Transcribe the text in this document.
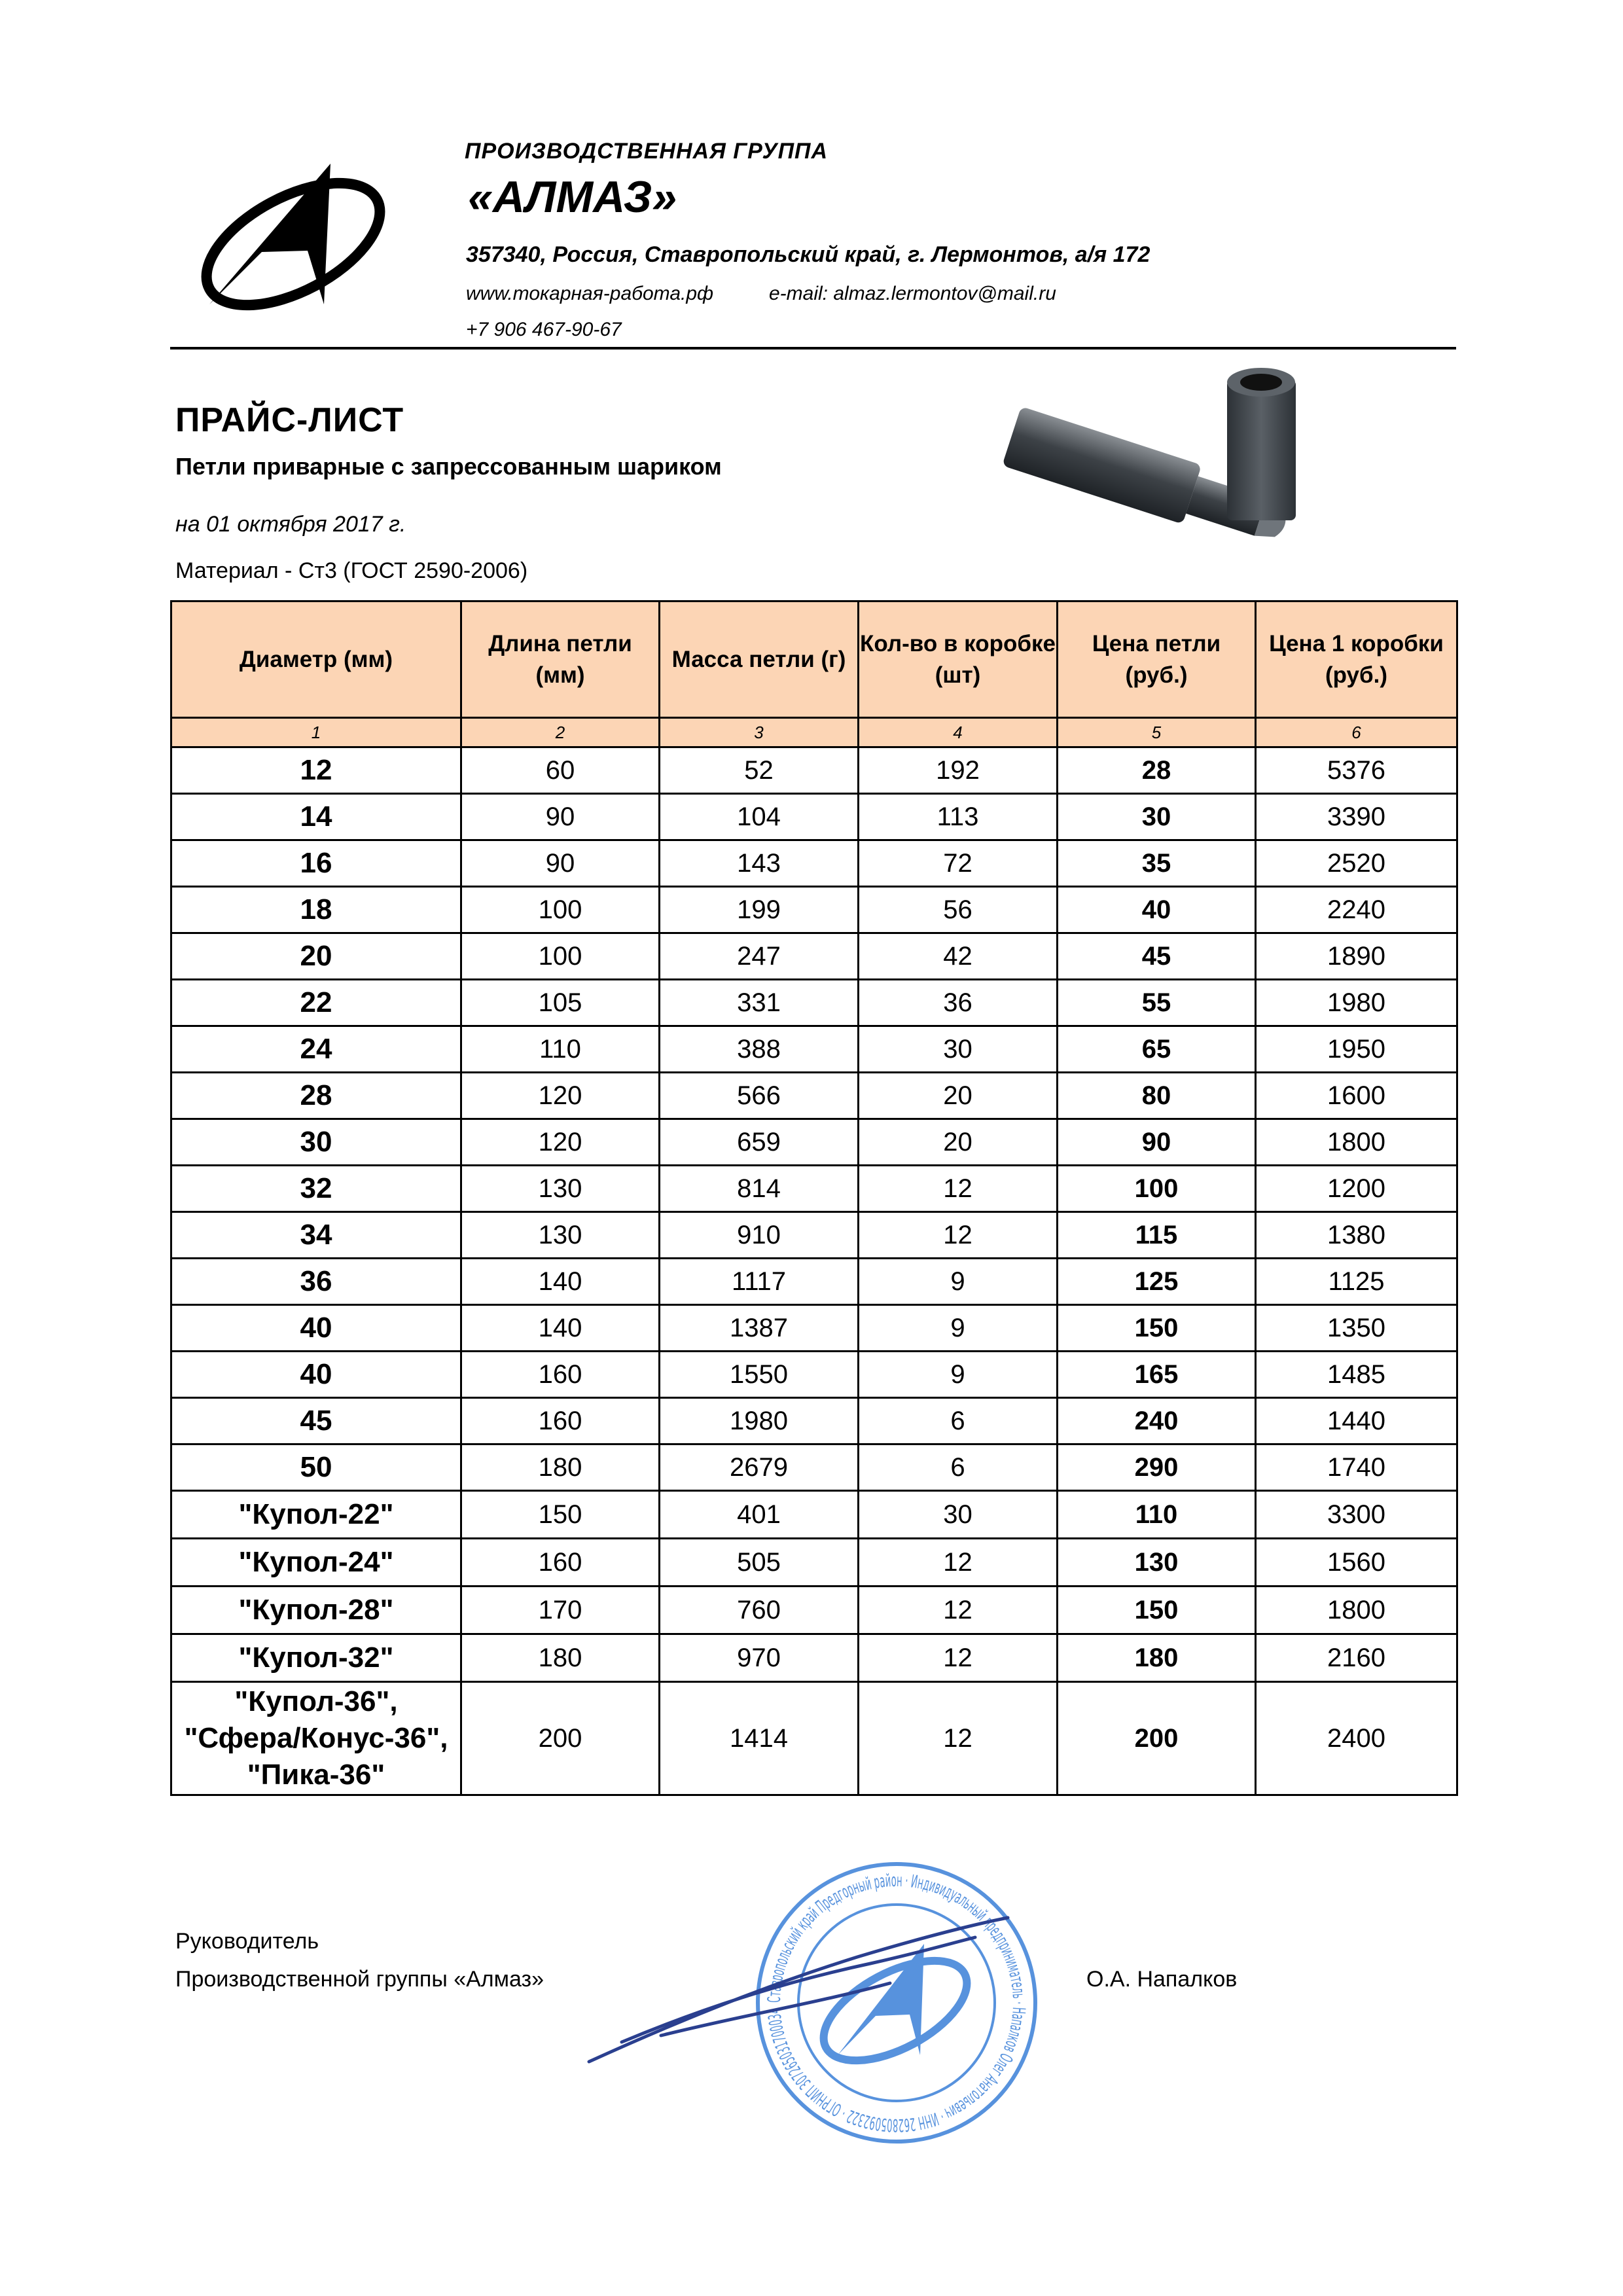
ПРОИЗВОДСТВЕННАЯ ГРУППА
«АЛМАЗ»
357340, Россия, Ставропольский край, г. Лермонтов, а/я 172
www.токарная-работа.рф	e-mail: almaz.lermontov@mail.ru
+7 906 467-90-67
ПРАЙС-ЛИСТ
Петли приварные с запрессованным шариком
на 01 октября 2017 г.
Материал - Ст3 (ГОСТ 2590-2006)
Диаметр (мм)	Длина петли (мм)	Масса петли (г)	Кол-во в коробке (шт)	Цена петли (руб.)	Цена 1 коробки (руб.)
1	2	3	4	5	6
12	60	52	192	28	5376
14	90	104	113	30	3390
16	90	143	72	35	2520
18	100	199	56	40	2240
20	100	247	42	45	1890
22	105	331	36	55	1980
24	110	388	30	65	1950
28	120	566	20	80	1600
30	120	659	20	90	1800
32	130	814	12	100	1200
34	130	910	12	115	1380
36	140	1117	9	125	1125
40	140	1387	9	150	1350
40	160	1550	9	165	1485
45	160	1980	6	240	1440
50	180	2679	6	290	1740
"Купол-22"	150	401	30	110	3300
"Купол-24"	160	505	12	130	1560
"Купол-28"	170	760	12	150	1800
"Купол-32"	180	970	12	180	2160
"Купол-36",
"Сфера/Конус-36",
"Пика-36"	200	1414	12	200	2400
Руководитель
Производственной группы «Алмаз»	О.А. Напалков
Ставропольский край Предгорный район · Индивидуальный предприниматель · Напалков Олег Анатольевич · ИНН 262805092322 · ОГРНИП 307265031700034
